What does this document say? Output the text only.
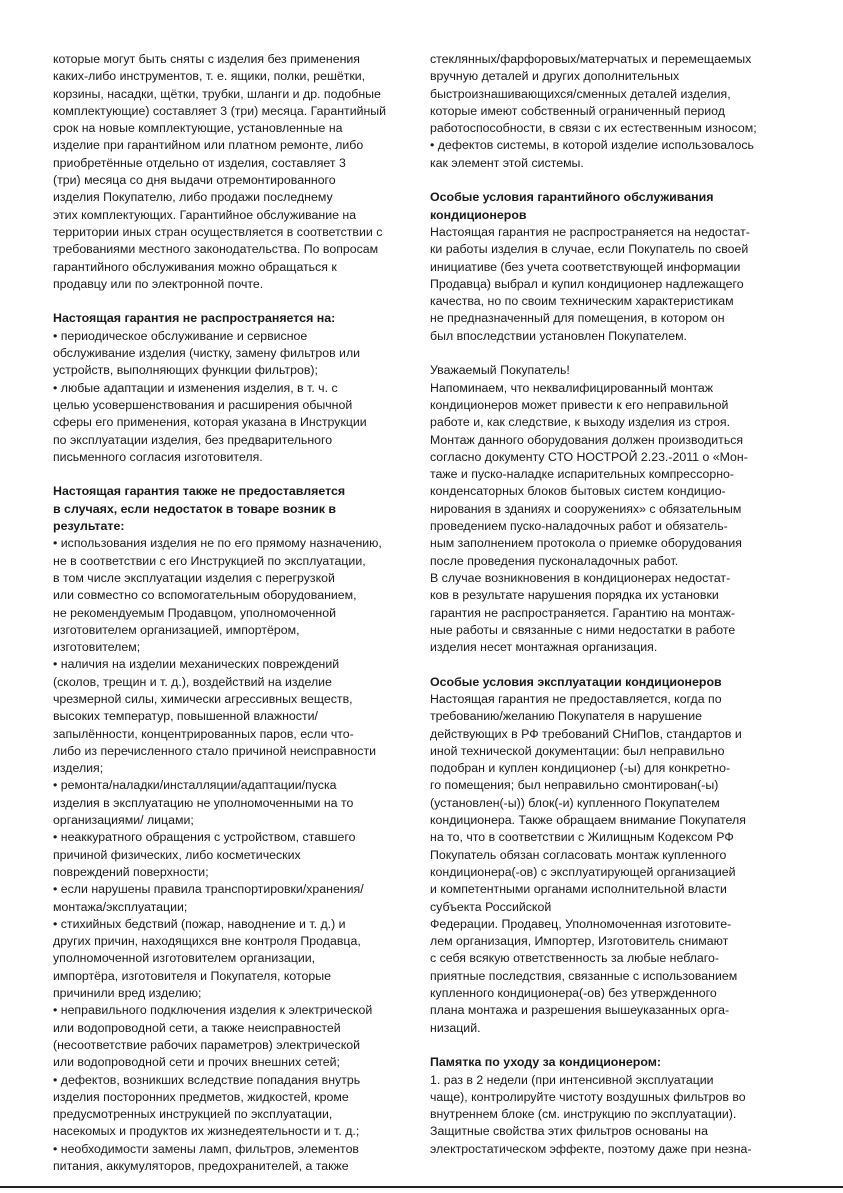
которые могут быть сняты с изделия без применения
каких-либо инструментов, т. е. ящики, полки, решётки,
корзины, насадки, щётки, трубки, шланги и др. подобные
комплектующие) составляет 3 (три) месяца. Гарантийный
срок на новые комплектующие, установленные на
изделие при гарантийном или платном ремонте, либо
приобретённые отдельно от изделия, составляет 3
(три) месяца со дня выдачи отремонтированного
изделия Покупателю, либо продажи последнему
этих комплектующих. Гарантийное обслуживание на
территории иных стран осуществляется в соответствии с
требованиями местного законодательства. По вопросам
гарантийного обслуживания можно обращаться к
продавцу или по электронной почте.
Настоящая гарантия не распространяется на:
• периодическое обслуживание и сервисное
обслуживание изделия (чистку, замену фильтров или
устройств, выполняющих функции фильтров);
• любые адаптации и изменения изделия, в т. ч. с
целью усовершенствования и расширения обычной
сферы его применения, которая указана в Инструкции
по эксплуатации изделия, без предварительного
письменного согласия изготовителя.
Настоящая гарантия также не предоставляется
в случаях, если недостаток в товаре возник в
результате:
• использования изделия не по его прямому назначению,
не в соответствии с его Инструкцией по эксплуатации,
в том числе эксплуатации изделия с перегрузкой
или совместно со вспомогательным оборудованием,
не рекомендуемым Продавцом, уполномоченной
изготовителем организацией, импортёром,
изготовителем;
• наличия на изделии механических повреждений
(сколов, трещин и т. д.), воздействий на изделие
чрезмерной силы, химически агрессивных веществ,
высоких температур, повышенной влажности/
запылённости, концентрированных паров, если что-
либо из перечисленного стало причиной неисправности
изделия;
• ремонта/наладки/инсталляции/адаптации/пуска
изделия в эксплуатацию не уполномоченными на то
организациями/ лицами;
• неаккуратного обращения с устройством, ставшего
причиной физических, либо косметических
повреждений поверхности;
• если нарушены правила транспортировки/хранения/
монтажа/эксплуатации;
• стихийных бедствий (пожар, наводнение и т. д.) и
других причин, находящихся вне контроля Продавца,
уполномоченной изготовителем организации,
импортёра, изготовителя и Покупателя, которые
причинили вред изделию;
• неправильного подключения изделия к электрической
или водопроводной сети, а также неисправностей
(несоответствие рабочих параметров) электрической
или водопроводной сети и прочих внешних сетей;
• дефектов, возникших вследствие попадания внутрь
изделия посторонних предметов, жидкостей, кроме
предусмотренных инструкцией по эксплуатации,
насекомых и продуктов их жизнедеятельности и т. д.;
• необходимости замены ламп, фильтров, элементов
питания, аккумуляторов, предохранителей, а также
стеклянных/фарфоровых/матерчатых и перемещаемых
вручную деталей и других дополнительных
быстроизнашивающихся/сменных деталей изделия,
которые имеют собственный ограниченный период
работоспособности, в связи с их естественным износом;
• дефектов системы, в которой изделие использовалось
как элемент этой системы.
Особые условия гарантийного обслуживания
кондиционеров
Настоящая гарантия не распространяется на недостат-
ки работы изделия в случае, если Покупатель по своей
инициативе (без учета соответствующей информации
Продавца) выбрал и купил кондиционер надлежащего
качества, но по своим техническим характеристикам
не предназначенный для помещения, в котором он
был впоследствии установлен Покупателем.
Уважаемый Покупатель!
Напоминаем, что неквалифицированный монтаж
кондиционеров может привести к его неправильной
работе и, как следствие, к выходу изделия из строя.
Монтаж данного оборудования должен производиться
согласно документу СТО НОСТРОЙ 2.23.-2011 о «Мон-
таже и пуско-наладке испарительных компрессорно-
конденсаторных блоков бытовых систем кондицио-
нирования в зданиях и сооружениях» с обязательным
проведением пуско-наладочных работ и обязатель-
ным заполнением протокола о приемке оборудования
после проведения пусконаладочных работ.
В случае возникновения в кондиционерах недостат-
ков в результате нарушения порядка их установки
гарантия не распространяется. Гарантию на монтаж-
ные работы и связанные с ними недостатки в работе
изделия несет монтажная организация.
Особые условия эксплуатации кондиционеров
Настоящая гарантия не предоставляется, когда по
требованию/желанию Покупателя в нарушение
действующих в РФ требований СНиПов, стандартов и
иной технической документации: был неправильно
подобран и куплен кондиционер (-ы) для конкретно-
го помещения; был неправильно смонтирован(-ы)
(установлен(-ы)) блок(-и) купленного Покупателем
кондиционера. Также обращаем внимание Покупателя
на то, что в соответствии с Жилищным Кодексом РФ
Покупатель обязан согласовать монтаж купленного
кондиционера(-ов) с эксплуатирующей организацией
и компетентными органами исполнительной власти
субъекта Российской
Федерации. Продавец, Уполномоченная изготовите-
лем организация, Импортер, Изготовитель снимают
с себя всякую ответственность за любые неблаго-
приятные последствия, связанные с использованием
купленного кондиционера(-ов) без утвержденного
плана монтажа и разрешения вышеуказанных орга-
низаций.
Памятка по уходу за кондиционером:
1. раз в 2 недели (при интенсивной эксплуатации
чаще), контролируйте чистоту воздушных фильтров во
внутреннем блоке (см. инструкцию по эксплуатации).
Защитные свойства этих фильтров основаны на
электростатическом эффекте, поэтому даже при незна-
